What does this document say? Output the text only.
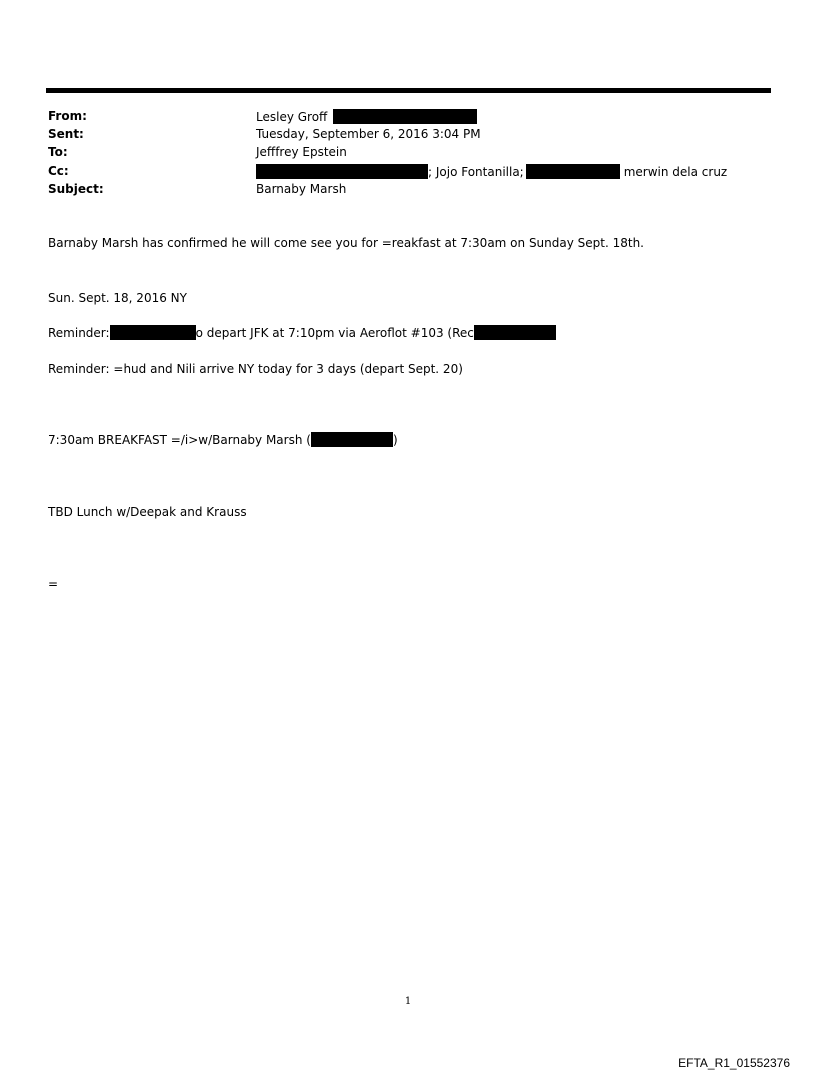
From:	Lesley Groff
Sent:	Tuesday, September 6, 2016 3:04 PM
To:	Jefffrey Epstein
Cc:	; Jojo Fontanilla;	merwin dela cruz
Subject:	Barnaby Marsh
Barnaby Marsh has confirmed he will come see you for =reakfast at 7:30am on Sunday Sept. 18th.
Sun. Sept. 18, 2016 NY
Reminder:	o depart JFK at 7:10pm via Aeroflot #103 (Rec
Reminder: =hud and Nili arrive NY today for 3 days (depart Sept. 20)
7:30am BREAKFAST =/i>w/Barnaby Marsh (	)
TBD Lunch w/Deepak and Krauss
=
1
EFTA_R1_01552376
